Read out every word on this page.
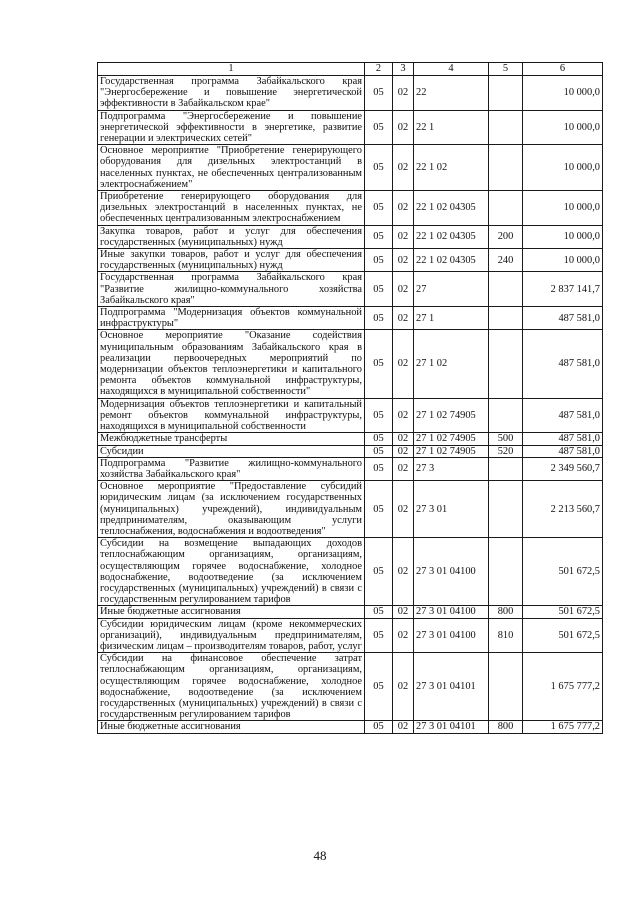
1	2	3	4	5	6
Государственная программа Забайкальского края "Энергосбережение и повышение энергетической эффективности в Забайкальском крае"	05	02	22		10 000,0
Подпрограмма "Энергосбережение и повышение энергетической эффективности в энергетике, развитие генерации и электрических сетей"	05	02	22 1		10 000,0
Основное мероприятие "Приобретение генерирующего оборудования для дизельных электростанций в населенных пунктах, не обеспеченных централизованным электроснабжением"	05	02	22 1 02		10 000,0
Приобретение генерирующего оборудования для дизельных электростанций в населенных пунктах, не обеспеченных централизованным электроснабжением	05	02	22 1 02 04305		10 000,0
Закупка товаров, работ и услуг для обеспечения государственных (муниципальных) нужд	05	02	22 1 02 04305	200	10 000,0
Иные закупки товаров, работ и услуг для обеспечения государственных (муниципальных) нужд	05	02	22 1 02 04305	240	10 000,0
Государственная программа Забайкальского края "Развитие жилищно-коммунального хозяйства Забайкальского края"	05	02	27		2 837 141,7
Подпрограмма "Модернизация объектов коммунальной инфраструктуры"	05	02	27 1		487 581,0
Основное мероприятие "Оказание содействия муниципальным образованиям Забайкальского края в реализации первоочередных мероприятий по модернизации объектов теплоэнергетики и капитального ремонта объектов коммунальной инфраструктуры, находящихся в муниципальной собственности"	05	02	27 1 02		487 581,0
Модернизация объектов теплоэнергетики и капитальный ремонт объектов коммунальной инфраструктуры, находящихся в муниципальной собственности	05	02	27 1 02 74905		487 581,0
Межбюджетные трансферты	05	02	27 1 02 74905	500	487 581,0
Субсидии	05	02	27 1 02 74905	520	487 581,0
Подпрограмма "Развитие жилищно-коммунального хозяйства Забайкальского края"	05	02	27 3		2 349 560,7
Основное мероприятие "Предоставление субсидий юридическим лицам (за исключением государственных (муниципальных) учреждений), индивидуальным предпринимателям, оказывающим услуги теплоснабжения, водоснабжения и водоотведения"	05	02	27 3 01		2 213 560,7
Субсидии на возмещение выпадающих доходов теплоснабжающим организациям, организациям, осуществляющим горячее водоснабжение, холодное водоснабжение, водоотведение (за исключением государственных (муниципальных) учреждений) в связи с государственным регулированием тарифов	05	02	27 3 01 04100		501 672,5
Иные бюджетные ассигнования	05	02	27 3 01 04100	800	501 672,5
Субсидии юридическим лицам (кроме некоммерческих организаций), индивидуальным предпринимателям, физическим лицам – производителям товаров, работ, услуг	05	02	27 3 01 04100	810	501 672,5
Субсидии на финансовое обеспечение затрат теплоснабжающим организациям, организациям, осуществляющим горячее водоснабжение, холодное водоснабжение, водоотведение (за исключением государственных (муниципальных) учреждений) в связи с государственным регулированием тарифов	05	02	27 3 01 04101		1 675 777,2
Иные бюджетные ассигнования	05	02	27 3 01 04101	800	1 675 777,2
48
